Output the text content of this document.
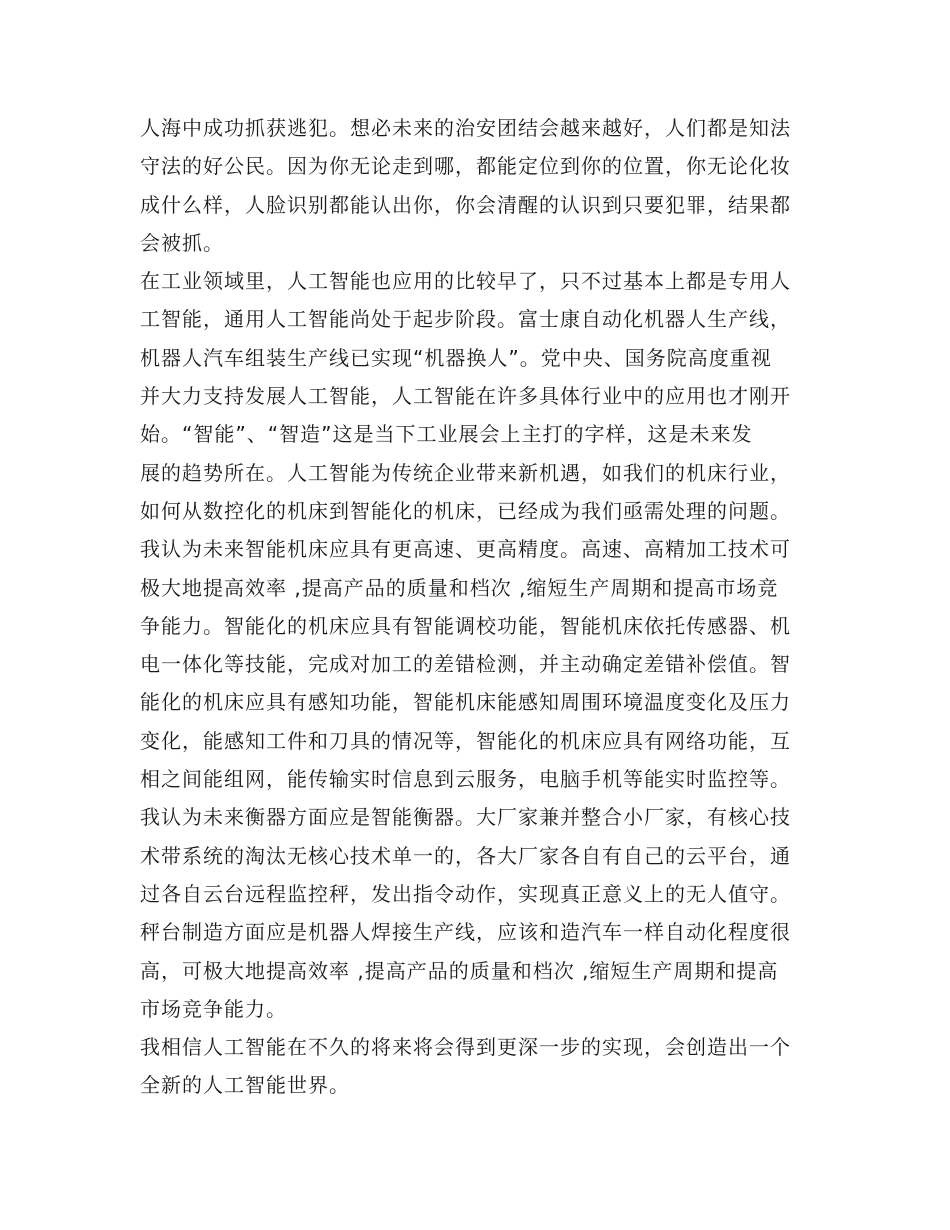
人海中成功抓获逃犯。想必未来的治安团结会越来越好，人们都是知法
守法的好公民。因为你无论走到哪，都能定位到你的位置，你无论化妆
成什么样，人脸识别都能认出你，你会清醒的认识到只要犯罪，结果都
会被抓。
在工业领域里，人工智能也应用的比较早了，只不过基本上都是专用人
工智能，通用人工智能尚处于起步阶段。富士康自动化机器人生产线，
机器人汽车组装生产线已实现“机器换人”。党中央、国务院高度重视
并大力支持发展人工智能，人工智能在许多具体行业中的应用也才刚开
始。“智能”、“智造”这是当下工业展会上主打的字样，这是未来发
展的趋势所在。人工智能为传统企业带来新机遇，如我们的机床行业，
如何从数控化的机床到智能化的机床，已经成为我们亟需处理的问题。
我认为未来智能机床应具有更高速、更高精度。高速、高精加工技术可
极大地提高效率 ,提高产品的质量和档次 ,缩短生产周期和提高市场竞
争能力。智能化的机床应具有智能调校功能，智能机床依托传感器、机
电一体化等技能，完成对加工的差错检测，并主动确定差错补偿值。智
能化的机床应具有感知功能，智能机床能感知周围环境温度变化及压力
变化，能感知工件和刀具的情况等，智能化的机床应具有网络功能，互
相之间能组网，能传输实时信息到云服务，电脑手机等能实时监控等。
我认为未来衡器方面应是智能衡器。大厂家兼并整合小厂家，有核心技
术带系统的淘汰无核心技术单一的，各大厂家各自有自己的云平台，通
过各自云台远程监控秤，发出指令动作，实现真正意义上的无人值守。
秤台制造方面应是机器人焊接生产线，应该和造汽车一样自动化程度很
高，可极大地提高效率 ,提高产品的质量和档次 ,缩短生产周期和提高
市场竞争能力。
我相信人工智能在不久的将来将会得到更深一步的实现，会创造出一个
全新的人工智能世界。
